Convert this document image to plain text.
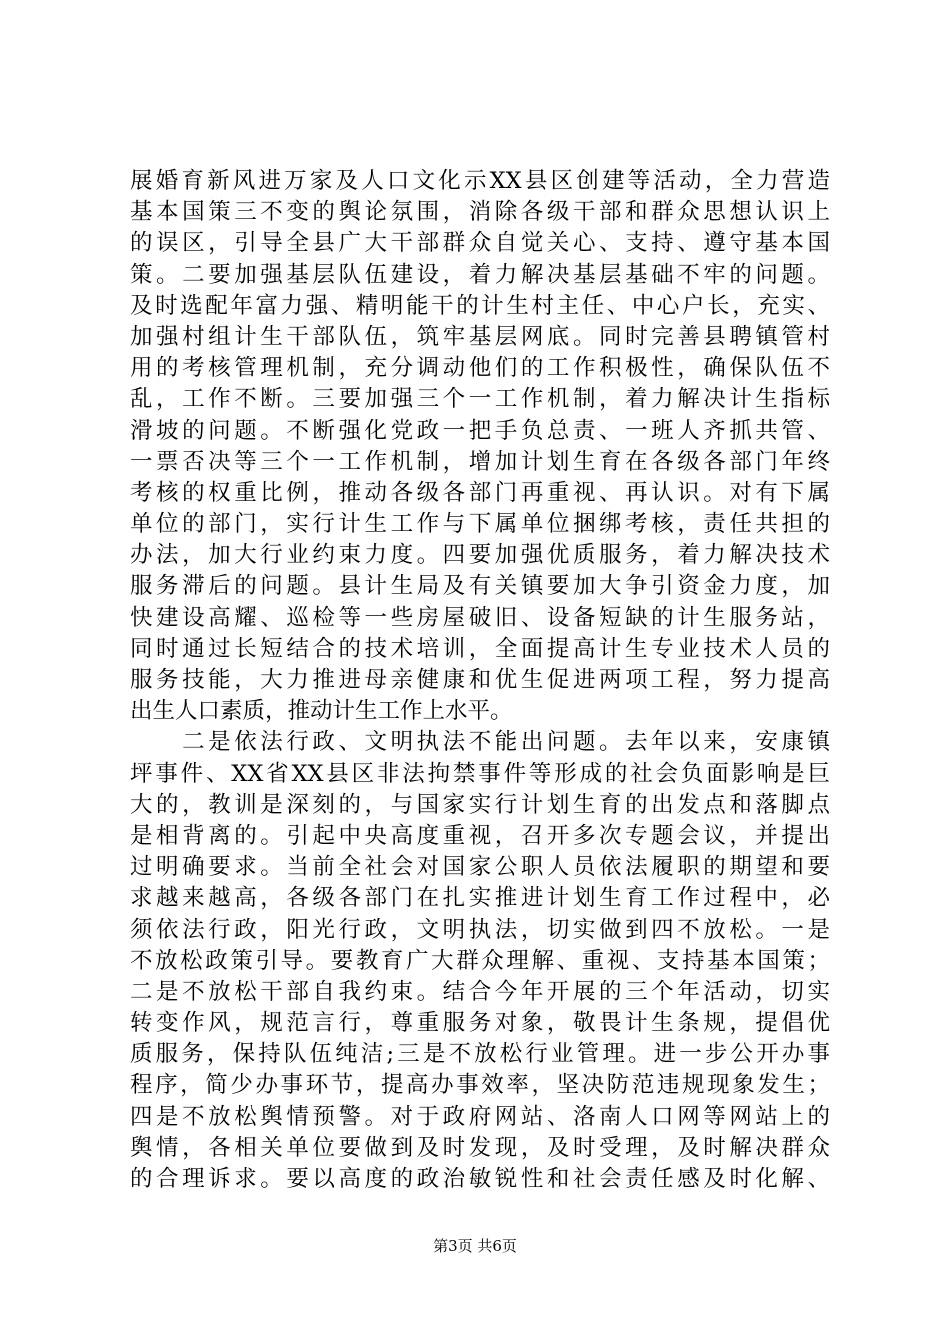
展婚育新风进万家及人口文化示XX县区创建等活动，全力营造
基本国策三不变的舆论氛围，消除各级干部和群众思想认识上
的误区，引导全县广大干部群众自觉关心、支持、遵守基本国
策。二要加强基层队伍建设，着力解决基层基础不牢的问题。
及时选配年富力强、精明能干的计生村主任、中心户长，充实、
加强村组计生干部队伍，筑牢基层网底。同时完善县聘镇管村
用的考核管理机制，充分调动他们的工作积极性，确保队伍不
乱，工作不断。三要加强三个一工作机制，着力解决计生指标
滑坡的问题。不断强化党政一把手负总责、一班人齐抓共管、
一票否决等三个一工作机制，增加计划生育在各级各部门年终
考核的权重比例，推动各级各部门再重视、再认识。对有下属
单位的部门，实行计生工作与下属单位捆绑考核，责任共担的
办法，加大行业约束力度。四要加强优质服务，着力解决技术
服务滞后的问题。县计生局及有关镇要加大争引资金力度，加
快建设高耀、巡检等一些房屋破旧、设备短缺的计生服务站，
同时通过长短结合的技术培训，全面提高计生专业技术人员的
服务技能，大力推进母亲健康和优生促进两项工程，努力提高
出生人口素质，推动计生工作上水平。
　　二是依法行政、文明执法不能出问题。去年以来，安康镇
坪事件、XX省XX县区非法拘禁事件等形成的社会负面影响是巨
大的，教训是深刻的，与国家实行计划生育的出发点和落脚点
是相背离的。引起中央高度重视，召开多次专题会议，并提出
过明确要求。当前全社会对国家公职人员依法履职的期望和要
求越来越高，各级各部门在扎实推进计划生育工作过程中，必
须依法行政，阳光行政，文明执法，切实做到四不放松。一是
不放松政策引导。要教育广大群众理解、重视、支持基本国策；
二是不放松干部自我约束。结合今年开展的三个年活动，切实
转变作风，规范言行，尊重服务对象，敬畏计生条规，提倡优
质服务，保持队伍纯洁;三是不放松行业管理。进一步公开办事
程序，简少办事环节，提高办事效率，坚决防范违规现象发生；
四是不放松舆情预警。对于政府网站、洛南人口网等网站上的
舆情，各相关单位要做到及时发现，及时受理，及时解决群众
的合理诉求。要以高度的政治敏锐性和社会责任感及时化解、
第3页 共6页
